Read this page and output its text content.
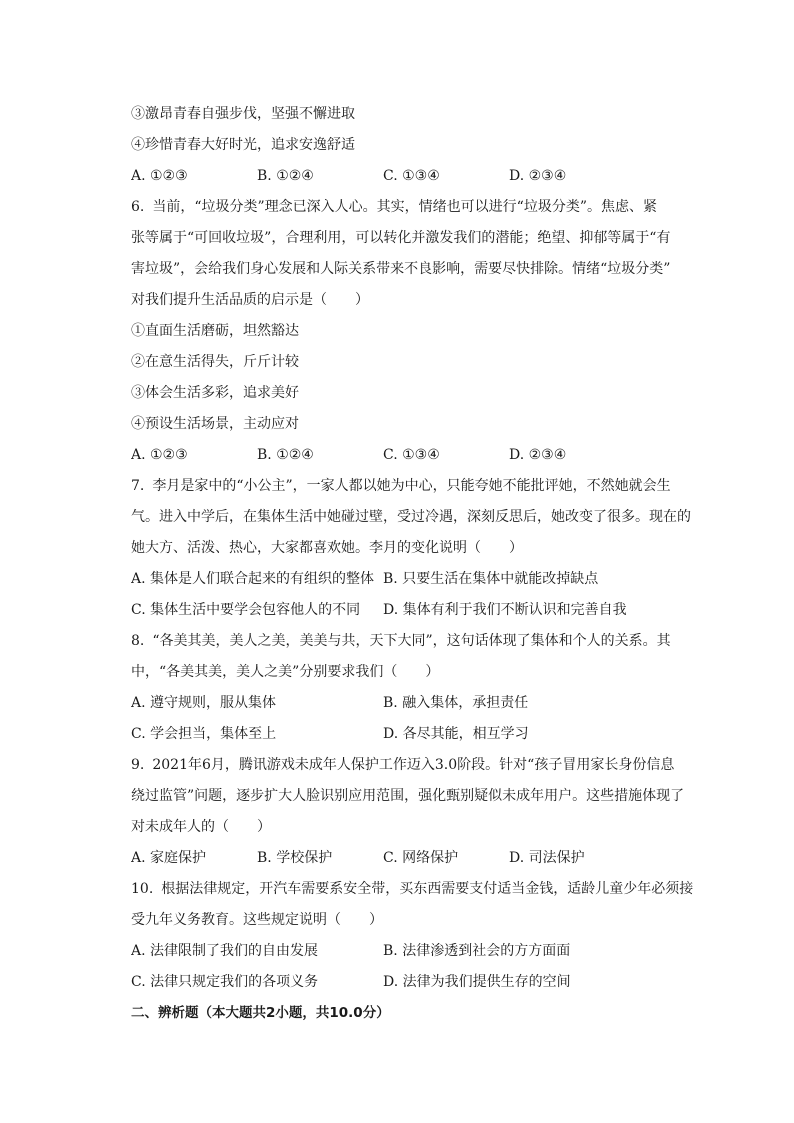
③激昂青春自强步伐，坚强不懈进取
④珍惜青春大好时光，追求安逸舒适
A. ①②③	B. ①②④	C. ①③④	D. ②③④
6. 当前，“垃圾分类”理念已深入人心。其实，情绪也可以进行“垃圾分类”。焦虑、紧
张等属于“可回收垃圾”，合理利用，可以转化并激发我们的潜能；绝望、抑郁等属于“有
害垃圾”，会给我们身心发展和人际关系带来不良影响，需要尽快排除。情绪“垃圾分类”
对我们提升生活品质的启示是（　　）
①直面生活磨砺，坦然豁达
②在意生活得失，斤斤计较
③体会生活多彩，追求美好
④预设生活场景，主动应对
A. ①②③	B. ①②④	C. ①③④	D. ②③④
7. 李月是家中的“小公主”，一家人都以她为中心，只能夸她不能批评她，不然她就会生
气。进入中学后，在集体生活中她碰过壁，受过冷遇，深刻反思后，她改变了很多。现在的
她大方、活泼、热心，大家都喜欢她。李月的变化说明（　　）
A. 集体是人们联合起来的有组织的整体 B. 只要生活在集体中就能改掉缺点
C. 集体生活中要学会包容他人的不同	D. 集体有利于我们不断认识和完善自我
8. “各美其美，美人之美，美美与共，天下大同”，这句话体现了集体和个人的关系。其
中，“各美其美，美人之美”分别要求我们（　　）
A. 遵守规则，服从集体	B. 融入集体，承担责任
C. 学会担当，集体至上	D. 各尽其能，相互学习
9. 2021年6月，腾讯游戏未成年人保护工作迈入3.0阶段。针对“孩子冒用家长身份信息
绕过监管”问题，逐步扩大人脸识别应用范围，强化甄别疑似未成年用户。这些措施体现了
对未成年人的（　　）
A. 家庭保护	B. 学校保护	C. 网络保护	D. 司法保护
10. 根据法律规定，开汽车需要系安全带，买东西需要支付适当金钱，适龄儿童少年必须接
受九年义务教育。这些规定说明（　　）
A. 法律限制了我们的自由发展	B. 法律渗透到社会的方方面面
C. 法律只规定我们的各项义务	D. 法律为我们提供生存的空间
二、辨析题（本大题共2小题，共10.0分）
